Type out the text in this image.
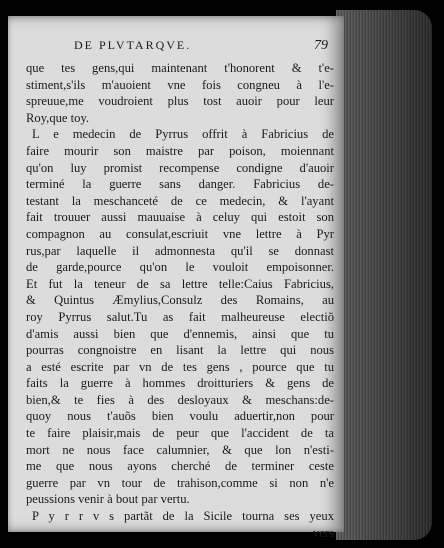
DE PLVTARQVE.	79
que tes gens,qui maintenant t'honorent & t'e-
stiment,s'ils m'auoient vne fois congneu à l'e-
spreuue,me voudroient plus tost auoir pour leur
Roy,que toy.
L e medecin de Pyrrus offrit à Fabricius de
faire mourir son maistre par poison, moiennant
qu'on luy promist recompense condigne d'auoir
terminé la guerre sans danger. Fabricius de-
testant la meschanceté de ce medecin, & l'ayant
fait trouuer aussi mauuaise à celuy qui estoit son
compagnon au consulat,escriuit vne lettre à Pyr
rus,par laquelle il admonnesta qu'il se donnast
de garde,pource qu'on le vouloit empoisonner.
Et fut la teneur de sa lettre telle:Caius Fabricius,
& Quintus Æmylius,Consulz des Romains, au
roy Pyrrus salut.Tu as fait malheureuse electiõ
d'amis aussi bien que d'ennemis, ainsi que tu
pourras congnoistre en lisant la lettre qui nous
a esté escrite par vn de tes gens , pource que tu
faits la guerre à hommes droitturiers & gens de
bien,& te fies à des desloyaux & meschans:de-
quoy nous t'auõs bien voulu aduertir,non pour
te faire plaisir,mais de peur que l'accident de ta
mort ne nous face calumnier, & que lon n'esti-
me que nous ayons cherché de terminer ceste
guerre par vn tour de trahison,comme si non n'e
peussions venir à bout par vertu.
P y r r v s partãt de la Sicile tourna ses yeux
vers
